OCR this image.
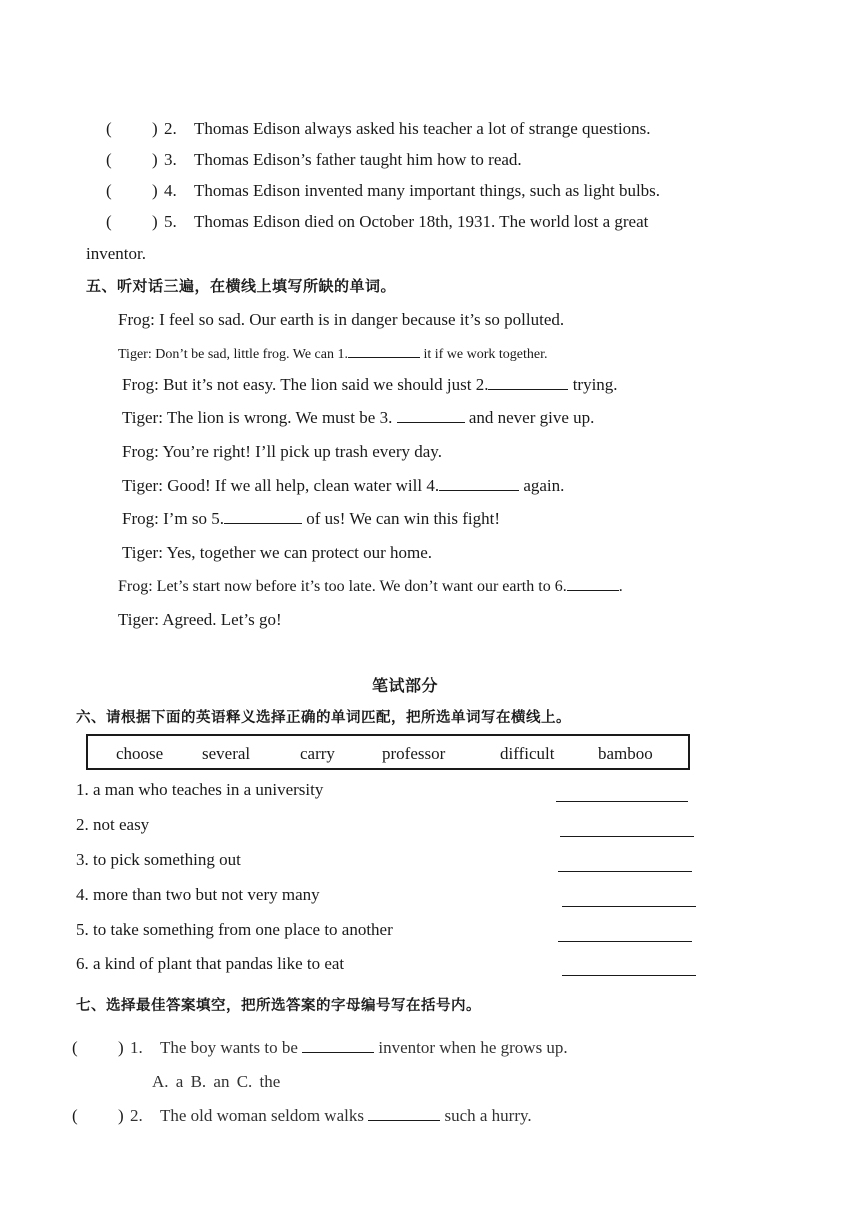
( ) 2. Thomas Edison always asked his teacher a lot of strange questions.
( ) 3. Thomas Edison’s father taught him how to read.
( ) 4. Thomas Edison invented many important things, such as light bulbs.
( ) 5. Thomas Edison died on October 18th, 1931. The world lost a great
inventor.
五、听对话三遍，在横线上填写所缺的单词。
Frog: I feel so sad. Our earth is in danger because it’s so polluted.
Tiger: Don’t be sad, little frog. We can 1.	it if we work together.
Frog: But it’s not easy. The lion said we should just 2.	trying.
Tiger: The lion is wrong. We must be 3.	and never give up.
Frog: You’re right! I’ll pick up trash every day.
Tiger: Good! If we all help, clean water will 4.	again.
Frog: I’m so 5.	of us! We can win this fight!
Tiger: Yes, together we can protect our home.
Frog: Let’s start now before it’s too late. We don’t want our earth to 6.	.
Tiger: Agreed. Let’s go!
笔试部分
六、请根据下面的英语释义选择正确的单词匹配，把所选单词写在横线上。
choose several	carry	professor	difficult	bamboo
1. a man who teaches in a university
2. not easy
3. to pick something out
4. more than two but not very many
5. to take something from one place to another
6. a kind of plant that pandas like to eat
七、选择最佳答案填空，把所选答案的字母编号写在括号内。
( ) 1. The boy wants to be	inventor when he grows up.
A. a B. an C. the
( ) 2. The old woman seldom walks	such a hurry.
